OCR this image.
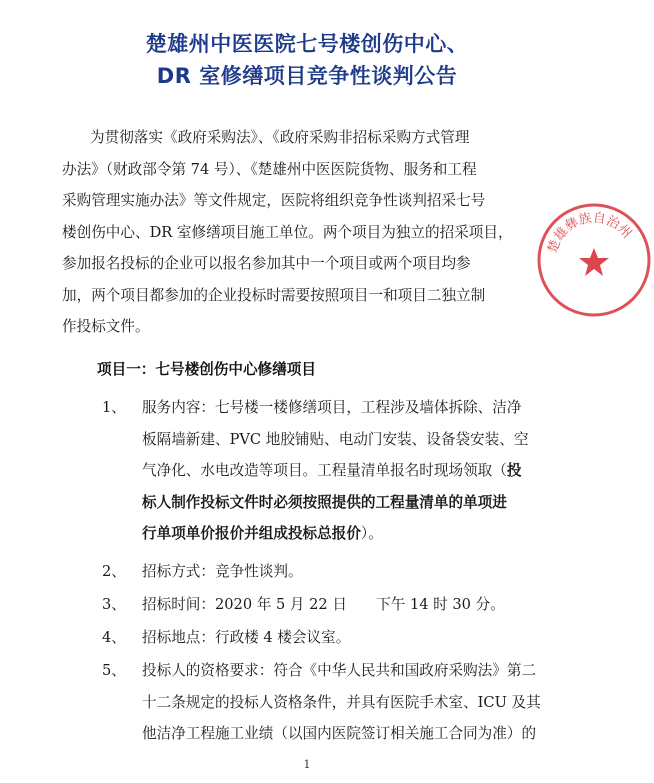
楚雄州中医医院七号楼创伤中心、
DR 室修缮项目竞争性谈判公告
为贯彻落实《政府采购法》、《政府采购非招标采购方式管理
办法》（财政部令第 74 号）、《楚雄州中医医院货物、服务和工程
采购管理实施办法》等文件规定，医院将组织竞争性谈判招采七号
楼创伤中心、DR 室修缮项目施工单位。两个项目为独立的招采项目，
参加报名投标的企业可以报名参加其中一个项目或两个项目均参
加，两个项目都参加的企业投标时需要按照项目一和项目二独立制
作投标文件。
项目一：七号楼创伤中心修缮项目
1、 服务内容：七号楼一楼修缮项目，工程涉及墙体拆除、洁净
板隔墙新建、PVC 地胶铺贴、电动门安装、设备袋安装、空
气净化、水电改造等项目。工程量清单报名时现场领取（投
标人制作投标文件时必须按照提供的工程量清单的单项进
行单项单价报价并组成投标总报价）。
2、 招标方式：竞争性谈判。
3、 招标时间：2020 年 5 月 22 日　　下午 14 时 30 分。
4、 招标地点：行政楼 4 楼会议室。
5、 投标人的资格要求：符合《中华人民共和国政府采购法》第二
十二条规定的投标人资格条件，并具有医院手术室、ICU 及其
他洁净工程施工业绩（以国内医院签订相关施工合同为准）的
1
楚雄彝族自治州
